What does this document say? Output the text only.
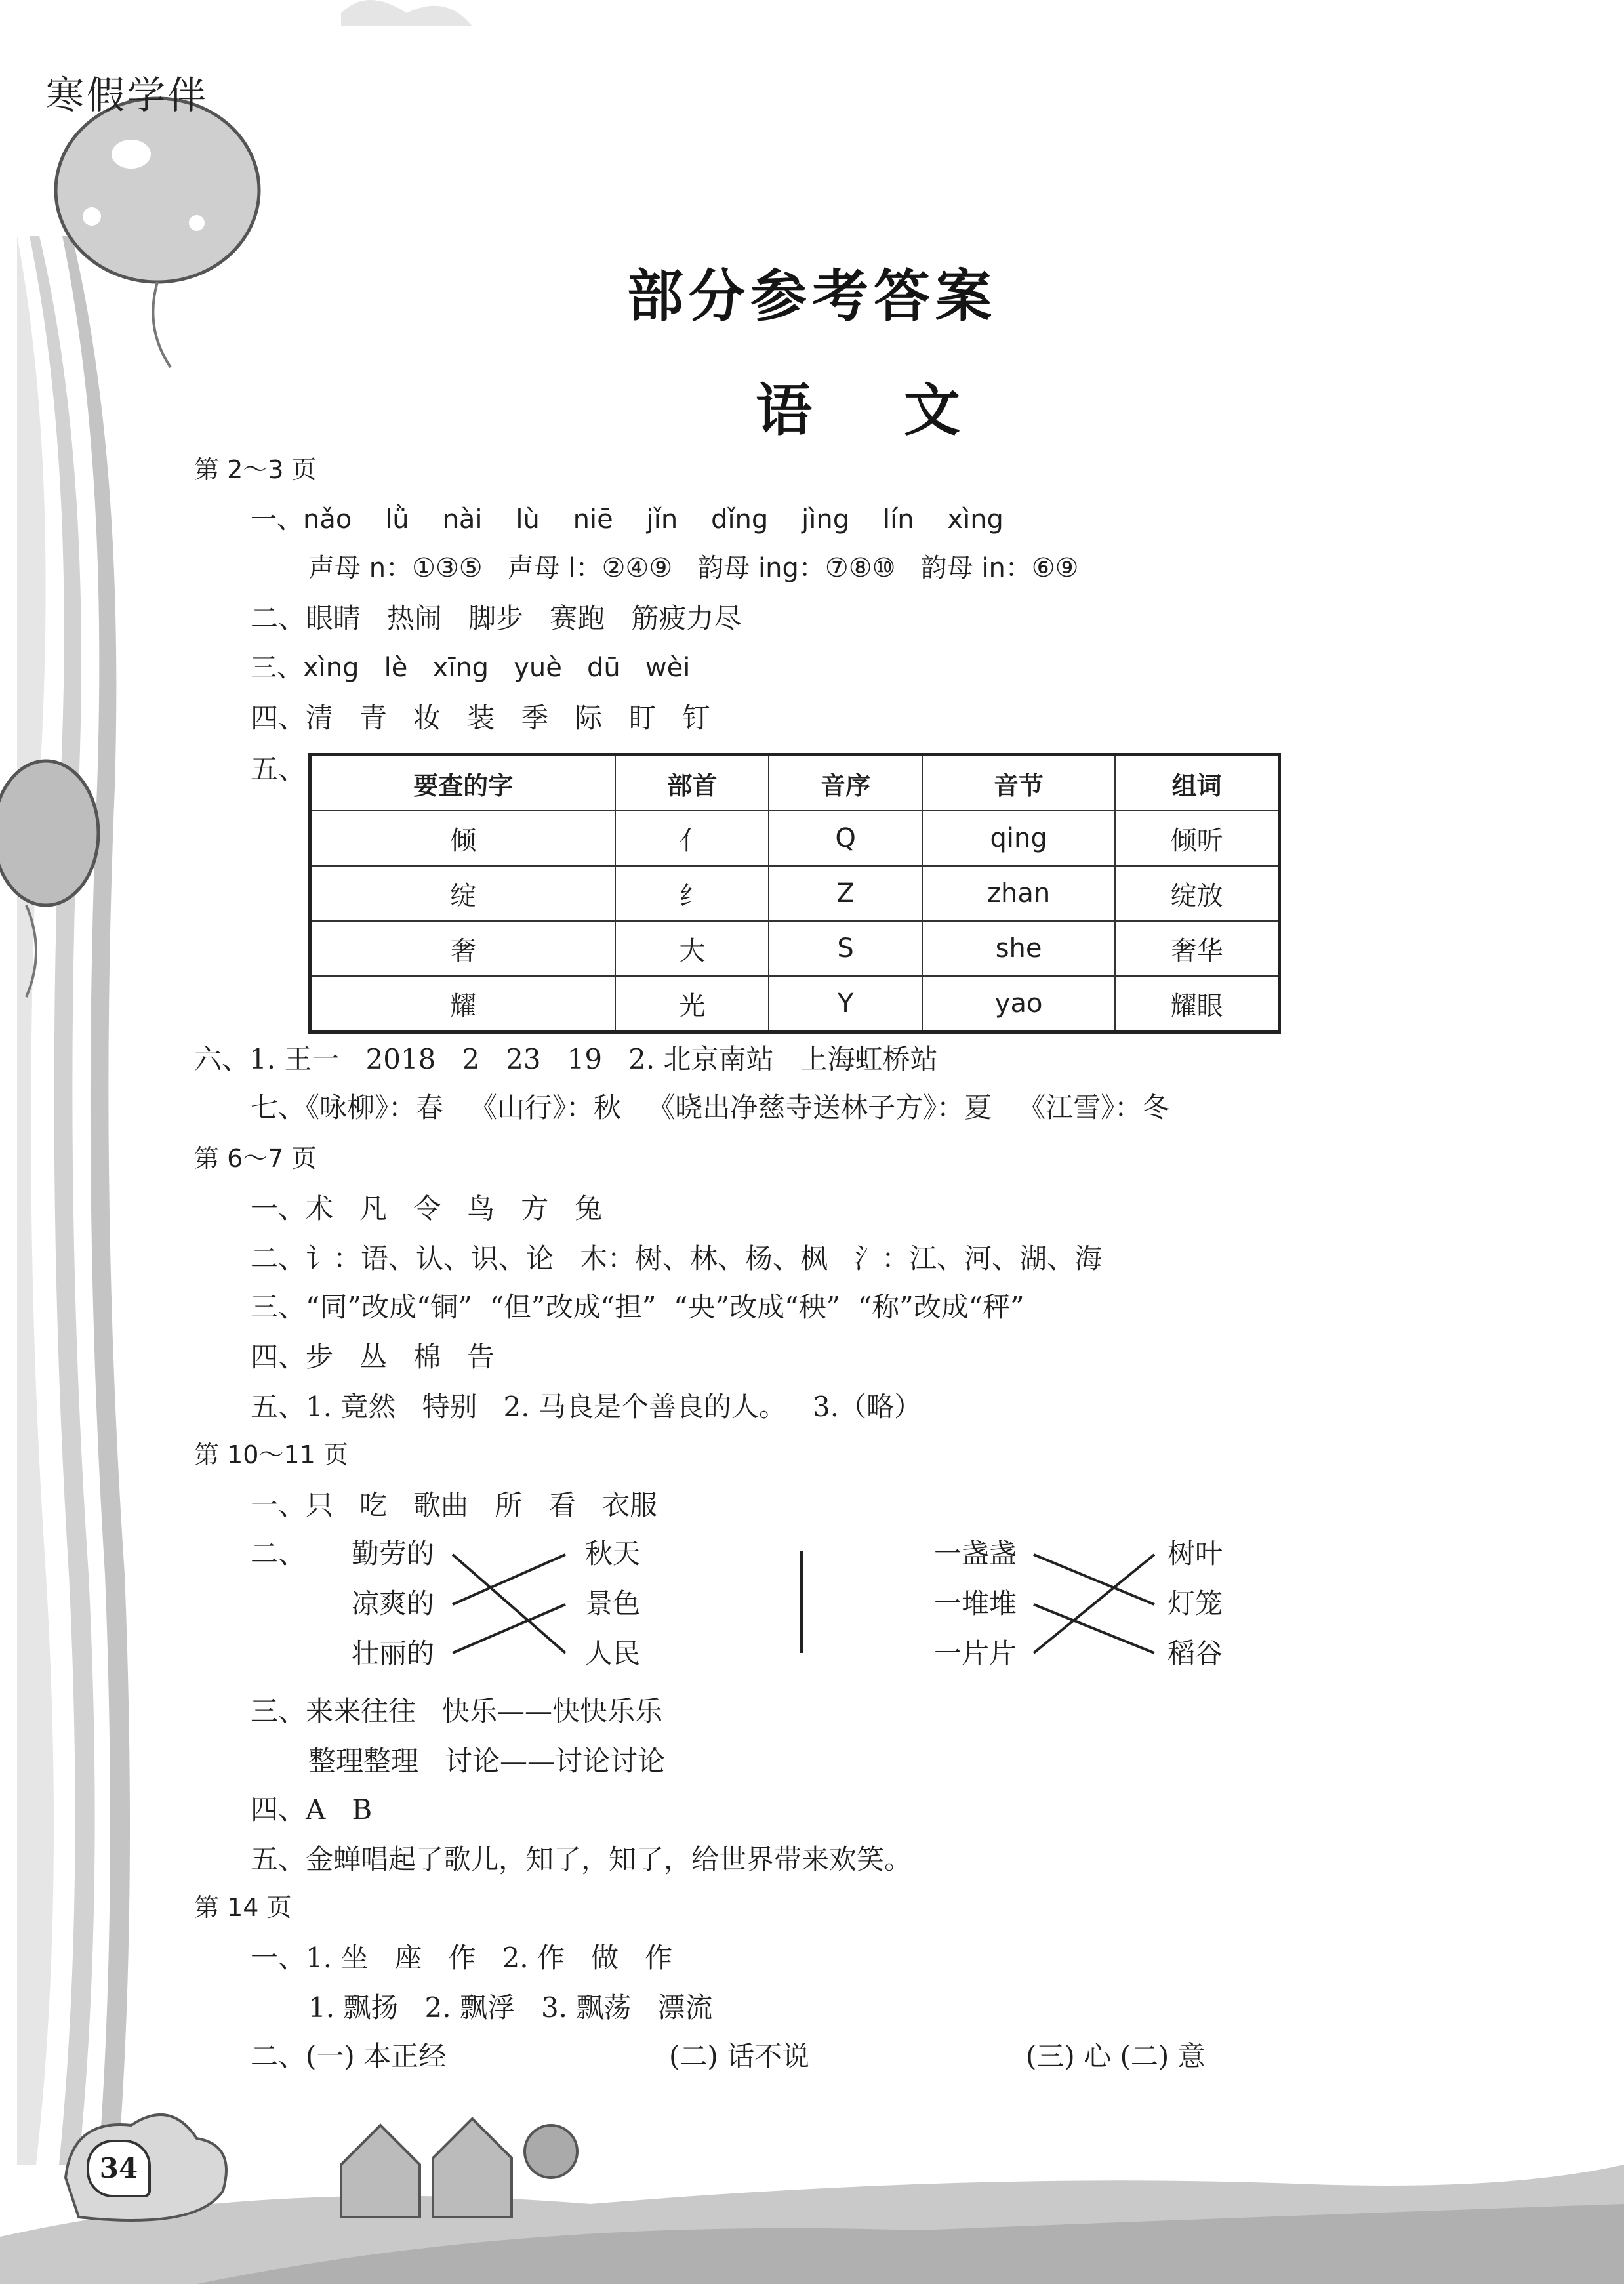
寒假学伴
部分参考答案
语文
第 2～3 页
一、nǎo    lǜ    nài    lù    niē    jǐn    dǐng    jìng    lín    xìng
声母 n：①③⑤   声母 l：②④⑨   韵母 ing：⑦⑧⑩   韵母 in：⑥⑨
二、眼睛   热闹   脚步   赛跑   筋疲力尽
三、xìng   lè   xīng   yuè   dū   wèi
四、清   青   妆   装   季   际   盯   钉
五、
要查的字	部首	音序	音节	组词
倾	亻	Q	qing	倾听
绽	纟	Z	zhan	绽放
奢	大	S	she	奢华
耀	光	Y	yao	耀眼
六、1. 王一   2018   2   23   19   2. 北京南站   上海虹桥站
七、《咏柳》：春   《山行》：秋   《晓出净慈寺送林子方》：夏   《江雪》：冬
第 6～7 页
一、术   凡   令   鸟   方   兔
二、讠：语、认、识、论   木：树、林、杨、枫   氵：江、河、湖、海
三、“同”改成“铜”  “但”改成“担”  “央”改成“秧”  “称”改成“秤”
四、步   丛   棉   告
五、1. 竟然   特别   2. 马良是个善良的人。   3.（略）
第 10～11 页
一、只   吃   歌曲   所   看   衣服
二、 勤劳的
凉爽的
壮丽的
秋天
景色
人民
一盏盏
一堆堆
一片片
树叶
灯笼
稻谷
三、来来往往   快乐——快快乐乐
整理整理   讨论——讨论讨论
四、A   B
五、金蝉唱起了歌儿，知了，知了，给世界带来欢笑。
第 14 页
一、1. 坐   座   作   2. 作   做   作
1. 飘扬   2. 飘浮   3. 飘荡   漂流
二、(一) 本正经	(二) 话不说	(三) 心 (二) 意
34
